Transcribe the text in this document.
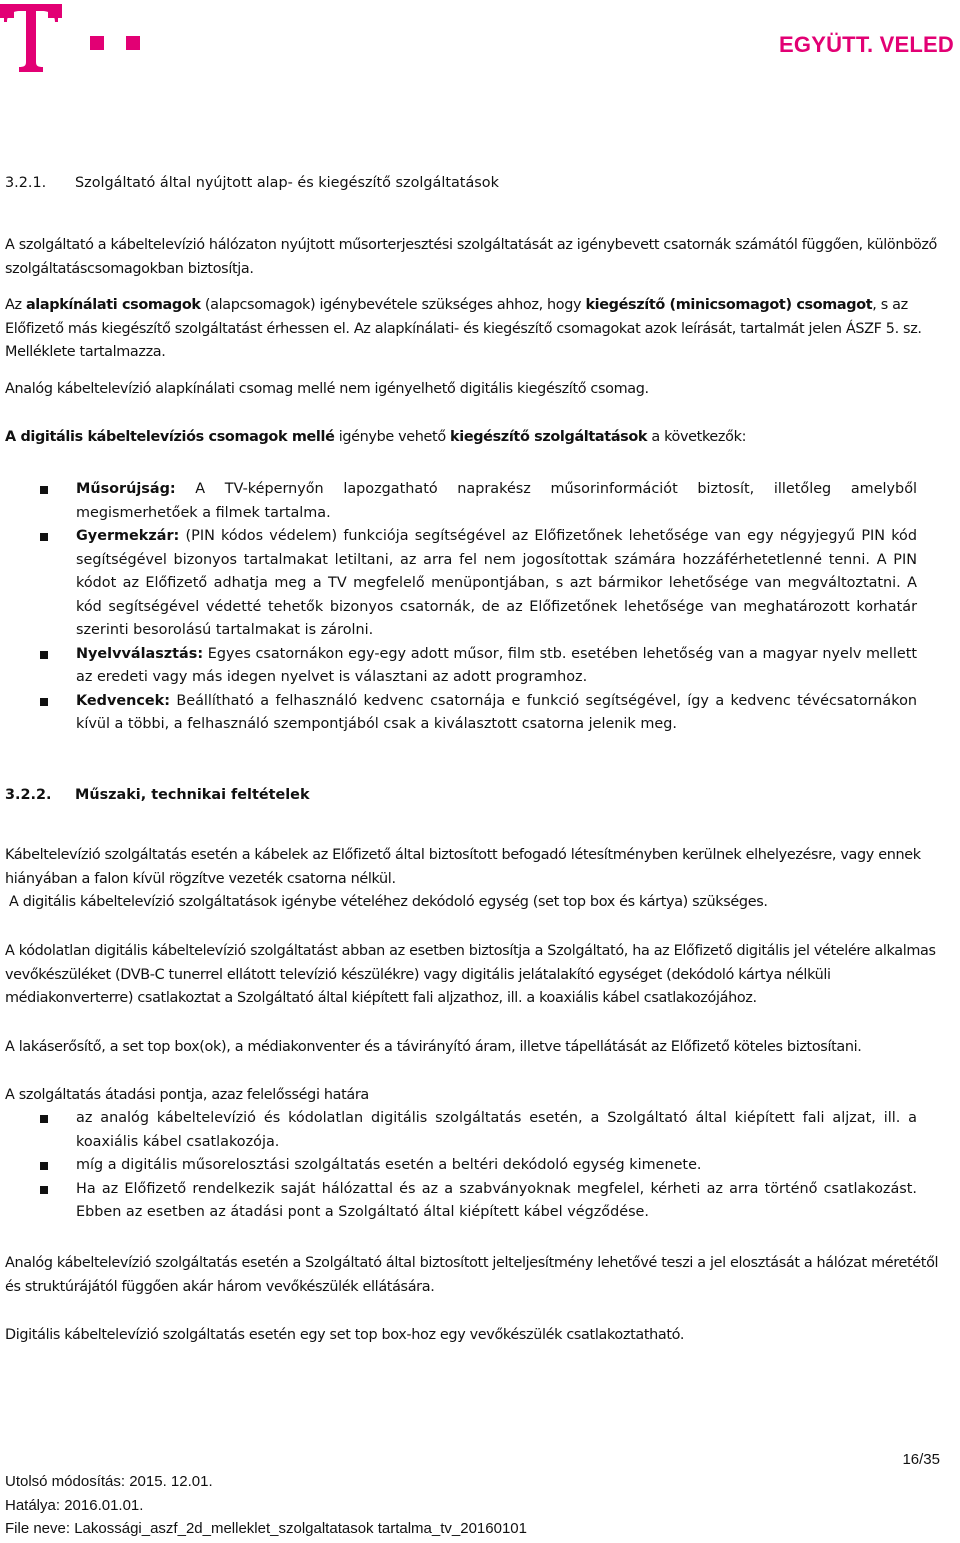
EGYÜTT. VELED
3.2.1. Szolgáltató által nyújtott alap- és kiegészítő szolgáltatások
A szolgáltató a kábeltelevízió hálózaton nyújtott műsorterjesztési szolgáltatását az igénybevett csatornák számától függően, különböző szolgáltatáscsomagokban biztosítja.
Az alapkínálati csomagok (alapcsomagok) igénybevétele szükséges ahhoz, hogy kiegészítő (minicsomagot) csomagot, s az Előfizető más kiegészítő szolgáltatást érhessen el. Az alapkínálati- és kiegészítő csomagokat azok leírását, tartalmát jelen ÁSZF 5. sz. Melléklete tartalmazza.
Analóg kábeltelevízió alapkínálati csomag mellé nem igényelhető digitális kiegészítő csomag.
A digitális kábeltelevíziós csomagok mellé igénybe vehető kiegészítő szolgáltatások a következők:
Műsorújság: A TV-képernyőn lapozgatható naprakész műsorinformációt biztosít, illetőleg amelyből megismerhetőek a filmek tartalma.
Gyermekzár: (PIN kódos védelem) funkciója segítségével az Előfizetőnek lehetősége van egy négyjegyű PIN kód segítségével bizonyos tartalmakat letiltani, az arra fel nem jogosítottak számára hozzáférhetetlenné tenni. A PIN kódot az Előfizető adhatja meg a TV megfelelő menüpontjában, s azt bármikor lehetősége van megváltoztatni. A kód segítségével védetté tehetők bizonyos csatornák, de az Előfizetőnek lehetősége van meghatározott korhatár szerinti besorolású tartalmakat is zárolni.
Nyelvválasztás: Egyes csatornákon egy-egy adott műsor, film stb. esetében lehetőség van a magyar nyelv mellett az eredeti vagy más idegen nyelvet is választani az adott programhoz.
Kedvencek: Beállítható a felhasználó kedvenc csatornája e funkció segítségével, így a kedvenc tévécsatornákon kívül a többi, a felhasználó szempontjából csak a kiválasztott csatorna jelenik meg.
3.2.2. Műszaki, technikai feltételek
Kábeltelevízió szolgáltatás esetén a kábelek az Előfizető által biztosított befogadó létesítményben kerülnek elhelyezésre, vagy ennek hiányában a falon kívül rögzítve vezeték csatorna nélkül.
A digitális kábeltelevízió szolgáltatások igénybe vételéhez dekódoló egység (set top box és kártya) szükséges.
A kódolatlan digitális kábeltelevízió szolgáltatást abban az esetben biztosítja a Szolgáltató, ha az Előfizető digitális jel vételére alkalmas vevőkészüléket (DVB-C tunerrel ellátott televízió készülékre) vagy digitális jelátalakító egységet (dekódoló kártya nélküli médiakonverterre) csatlakoztat a Szolgáltató által kiépített fali aljzathoz, ill. a koaxiális kábel csatlakozójához.
A lakáserősítő, a set top box(ok), a médiakonventer és a távirányító áram, illetve tápellátását az Előfizető köteles biztosítani.
A szolgáltatás átadási pontja, azaz felelősségi határa
az analóg kábeltelevízió és kódolatlan digitális szolgáltatás esetén, a Szolgáltató által kiépített fali aljzat, ill. a koaxiális kábel csatlakozója.
míg a digitális műsorelosztási szolgáltatás esetén a beltéri dekódoló egység kimenete.
Ha az Előfizető rendelkezik saját hálózattal és az a szabványoknak megfelel, kérheti az arra történő csatlakozást. Ebben az esetben az átadási pont a Szolgáltató által kiépített kábel végződése.
Analóg kábeltelevízió szolgáltatás esetén a Szolgáltató által biztosított jelteljesítmény lehetővé teszi a jel elosztását a hálózat méretétől és struktúrájától függően akár három vevőkészülék ellátására.
Digitális kábeltelevízió szolgáltatás esetén egy set top box-hoz egy vevőkészülék csatlakoztatható.
16/35
Utolsó módosítás: 2015. 12.01.
Hatálya: 2016.01.01.
File neve: Lakossági_aszf_2d_melleklet_szolgaltatasok tartalma_tv_20160101
